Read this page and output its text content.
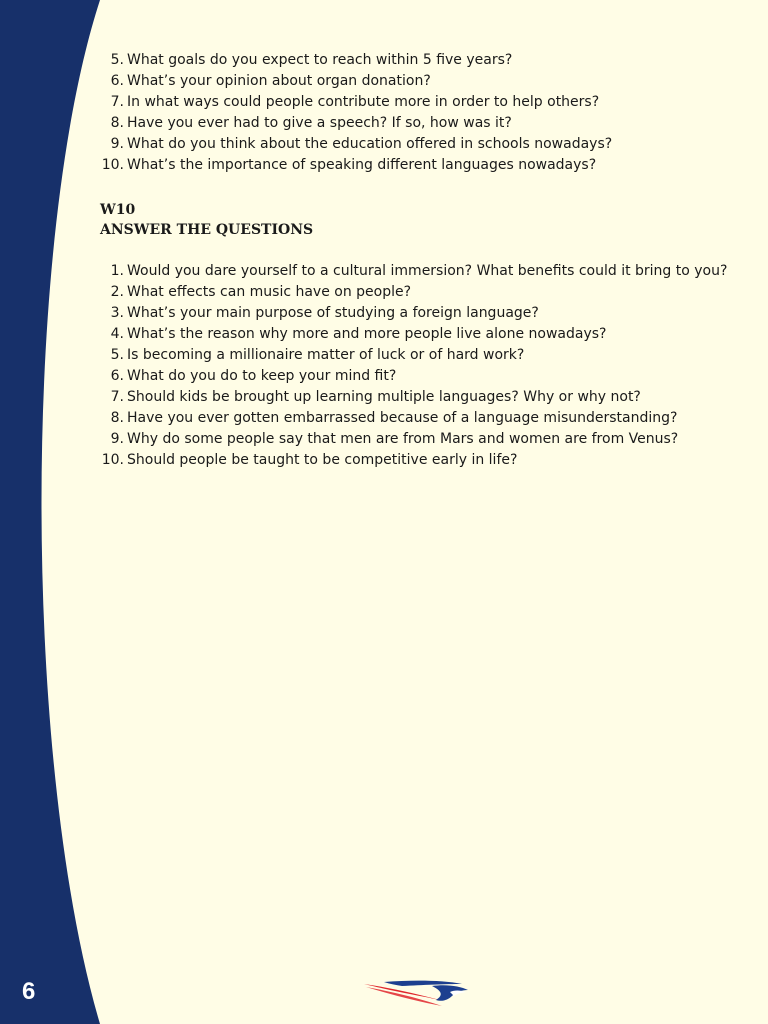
5. What goals do you expect to reach within 5 five years?
6. What’s your opinion about organ donation?
7. In what ways could people contribute more in order to help others?
8. Have you ever had to give a speech? If so, how was it?
9. What do you think about the education offered in schools nowadays?
10. What’s the importance of speaking different languages nowadays?
W10
ANSWER THE QUESTIONS
1. Would you dare yourself to a cultural immersion? What benefits could it bring to you?
2. What effects can music have on people?
3. What’s your main purpose of studying a foreign language?
4. What’s the reason why more and more people live alone nowadays?
5. Is becoming a millionaire matter of luck or of hard work?
6. What do you do to keep your mind fit?
7. Should kids be brought up learning multiple languages? Why or why not?
8. Have you ever gotten embarrassed because of a language misunderstanding?
9. Why do some people say that men are from Mars and women are from Venus?
10. Should people be taught to be competitive early in life?
6
